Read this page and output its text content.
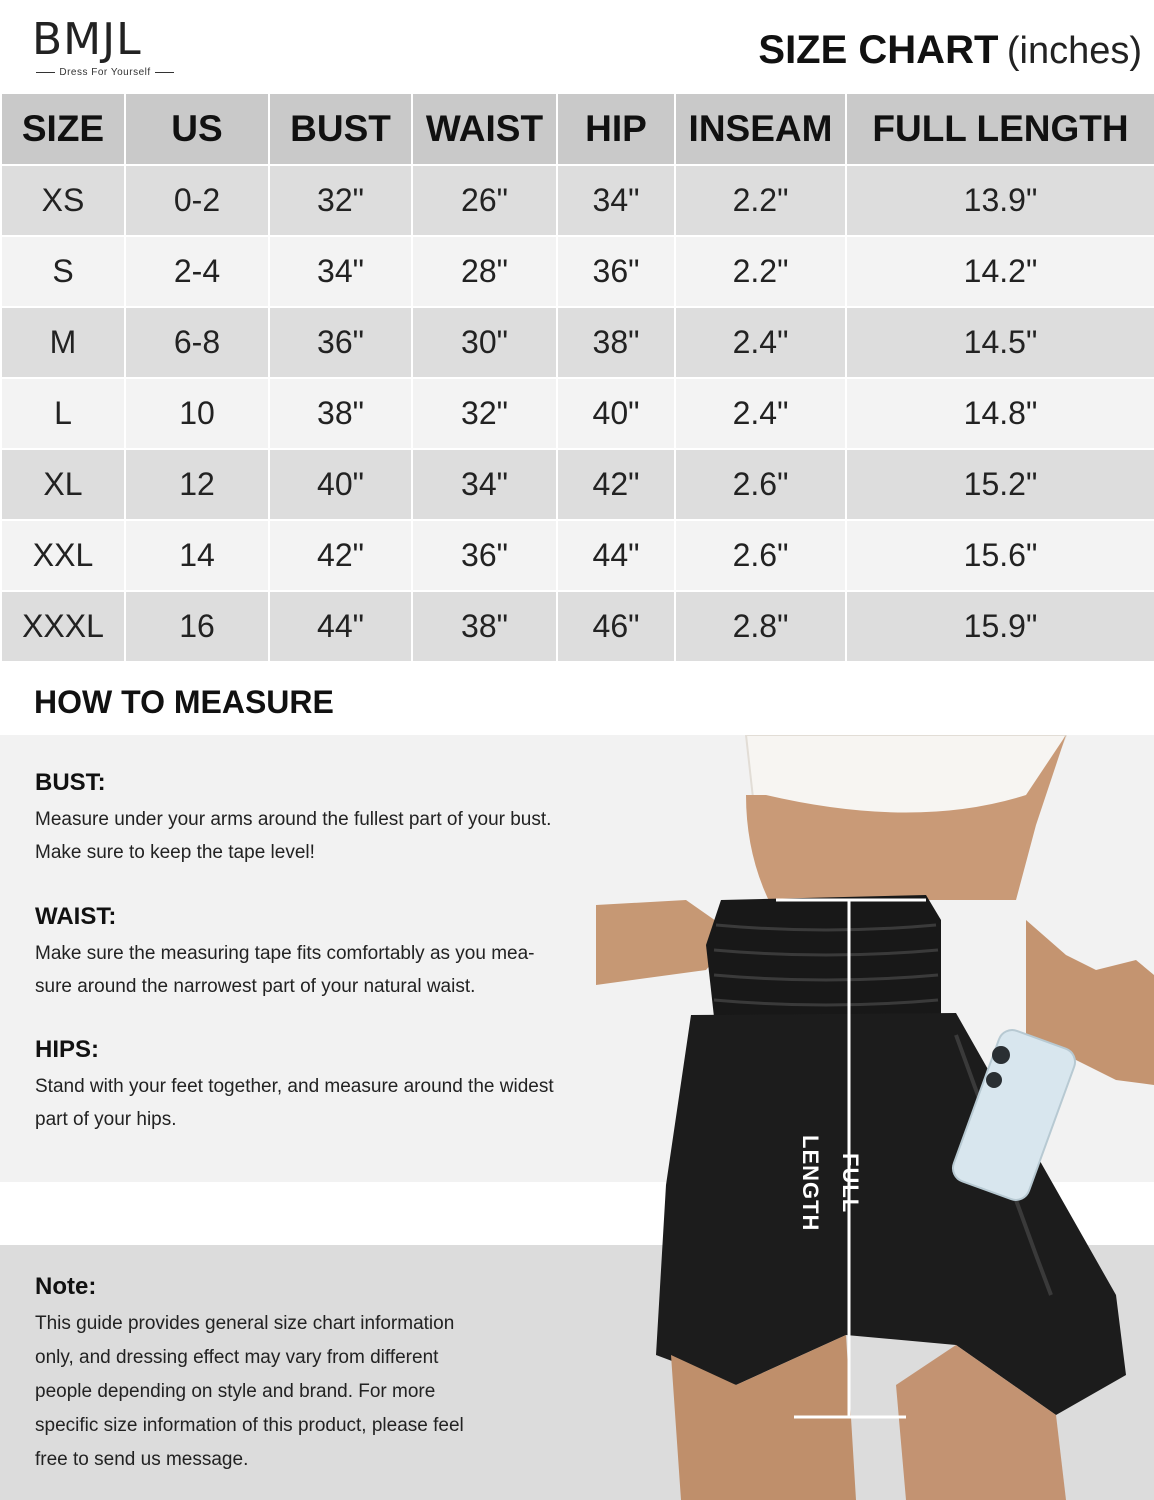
BMJL
Dress For Yourself
SIZE CHART (inches)
SIZE	US	BUST	WAIST	HIP	INSEAM	FULL LENGTH
XS	0-2	32"	26"	34"	2.2"	13.9"
S	2-4	34"	28"	36"	2.2"	14.2"
M	6-8	36"	30"	38"	2.4"	14.5"
L	10	38"	32"	40"	2.4"	14.8"
XL	12	40"	34"	42"	2.6"	15.2"
XXL	14	42"	36"	44"	2.6"	15.6"
XXXL	16	44"	38"	46"	2.8"	15.9"
HOW TO MEASURE
FULL LENGTH
BUST:

Measure under your arms around the fullest part of your bust.
Make sure to keep the tape level!

WAIST:

Make sure the measuring tape fits comfortably as you mea-
sure around the narrowest part of your natural waist.

HIPS:

Stand with your feet together, and measure around the widest
part of your hips.

Note:

This guide provides general size chart information
only, and dressing effect may vary from different
people depending on style and brand. For more
specific size information of this product, please feel
free to send us message.
